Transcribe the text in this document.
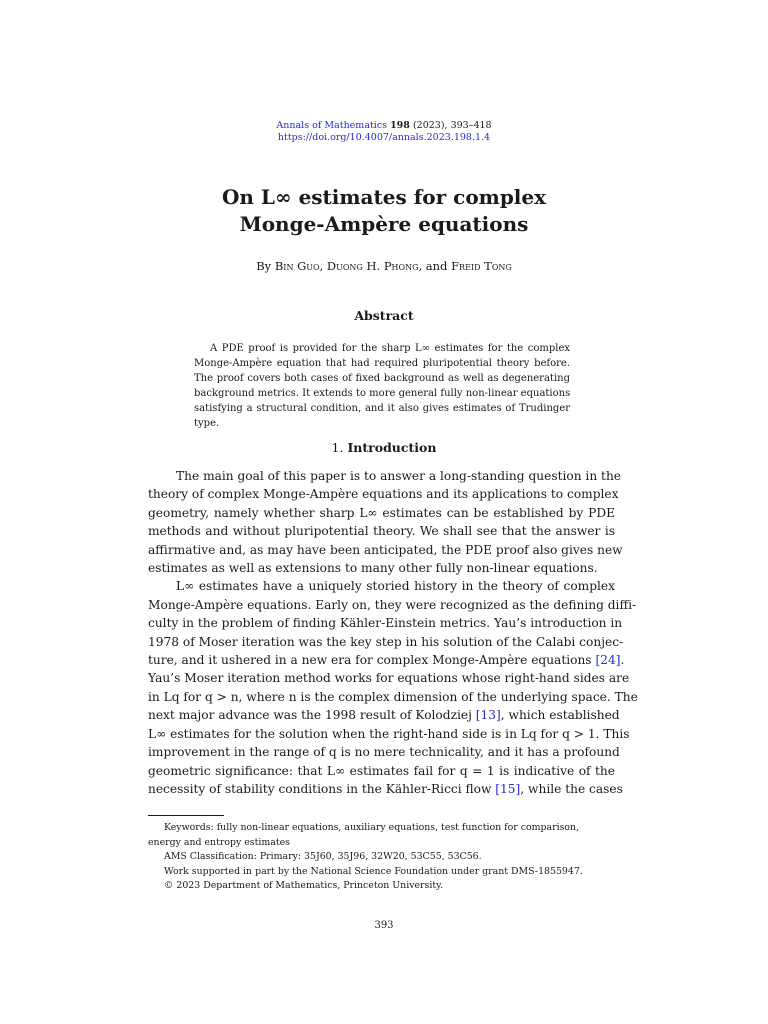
Annals of Mathematics 198 (2023), 393–418
https://doi.org/10.4007/annals.2023.198.1.4
On L∞ estimates for complex
Monge-Ampère equations
By Bin Guo, Duong H. Phong, and Freid Tong
Abstract
A PDE proof is provided for the sharp L∞ estimates for the complex
Monge-Ampère equation that had required pluripotential theory before.
The proof covers both cases of fixed background as well as degenerating
background metrics. It extends to more general fully non-linear equations
satisfying a structural condition, and it also gives estimates of Trudinger
type.
1. Introduction
The main goal of this paper is to answer a long-standing question in the
theory of complex Monge-Ampère equations and its applications to complex
geometry, namely whether sharp L∞ estimates can be established by PDE
methods and without pluripotential theory. We shall see that the answer is
affirmative and, as may have been anticipated, the PDE proof also gives new
estimates as well as extensions to many other fully non-linear equations.
L∞ estimates have a uniquely storied history in the theory of complex
Monge-Ampère equations. Early on, they were recognized as the defining diffi-
culty in the problem of finding Kähler-Einstein metrics. Yau’s introduction in
1978 of Moser iteration was the key step in his solution of the Calabi conjec-
ture, and it ushered in a new era for complex Monge-Ampère equations [24].
Yau’s Moser iteration method works for equations whose right-hand sides are
in Lq for q > n, where n is the complex dimension of the underlying space. The
next major advance was the 1998 result of Kolodziej [13], which established
L∞ estimates for the solution when the right-hand side is in Lq for q > 1. This
improvement in the range of q is no mere technicality, and it has a profound
geometric significance: that L∞ estimates fail for q = 1 is indicative of the
necessity of stability conditions in the Kähler-Ricci flow [15], while the cases
Keywords: fully non-linear equations, auxiliary equations, test function for comparison,
energy and entropy estimates
AMS Classification: Primary: 35J60, 35J96, 32W20, 53C55, 53C56.
Work supported in part by the National Science Foundation under grant DMS-1855947.
© 2023 Department of Mathematics, Princeton University.
393
